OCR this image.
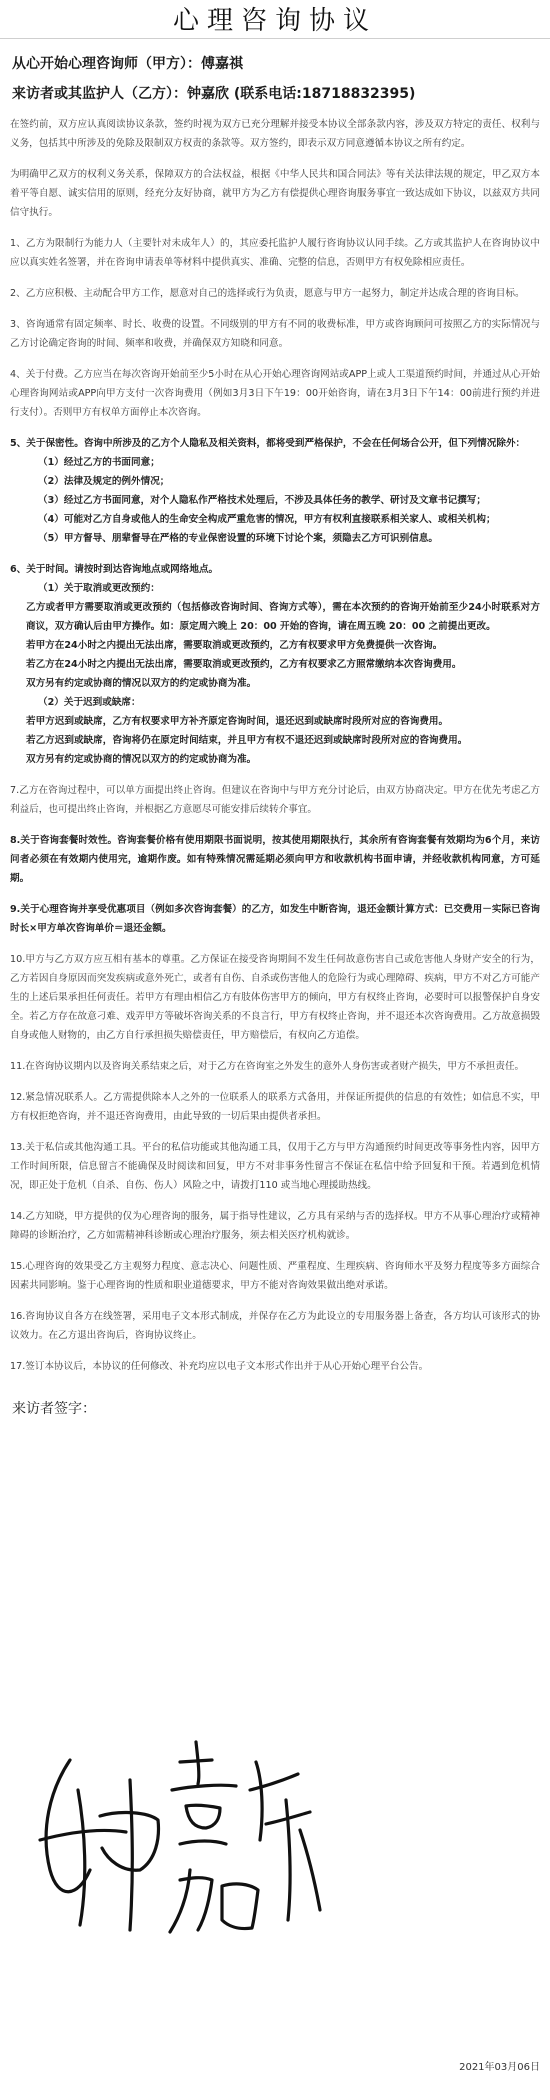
心理咨询协议
从心开始心理咨询师（甲方）：傅嘉祺
来访者或其监护人（乙方）：钟嘉欣 (联系电话:18718832395)

在签约前，双方应认真阅读协议条款，签约时视为双方已充分理解并接受本协议全部条款内容，涉及双方特定的责任、权利与义务，包括其中所涉及的免除及限制双方权责的条款等。双方签约，即表示双方同意遵循本协议之所有约定。

为明确甲乙双方的权利义务关系，保障双方的合法权益，根据《中华人民共和国合同法》等有关法律法规的规定，甲乙双方本着平等自愿、诚实信用的原则，经充分友好协商，就甲方为乙方有偿提供心理咨询服务事宜一致达成如下协议，以兹双方共同信守执行。

1、乙方为限制行为能力人（主要针对未成年人）的，其应委托监护人履行咨询协议认同手续。乙方或其监护人在咨询协议中应以真实姓名签署，并在咨询申请表单等材料中提供真实、准确、完整的信息，否则甲方有权免除相应责任。

2、乙方应积极、主动配合甲方工作，愿意对自己的选择或行为负责，愿意与甲方一起努力，制定并达成合理的咨询目标。

3、咨询通常有固定频率、时长、收费的设置。不同级别的甲方有不同的收费标准，甲方或咨询顾问可按照乙方的实际情况与乙方讨论确定咨询的时间、频率和收费，并确保双方知晓和同意。

4、关于付费。乙方应当在每次咨询开始前至少5小时在从心开始心理咨询网站或APP上或人工渠道预约时间，并通过从心开始心理咨询网站或APP向甲方支付一次咨询费用（例如3月3日下午19：00开始咨询，请在3月3日下午14：00前进行预约并进行支付）。否则甲方有权单方面停止本次咨询。

5、关于保密性。咨询中所涉及的乙方个人隐私及相关资料，都将受到严格保护，不会在任何场合公开，但下列情况除外：

（1）经过乙方的书面同意；

（2）法律及规定的例外情况；

（3）经过乙方书面同意，对个人隐私作严格技术处理后，不涉及具体任务的教学、研讨及文章书记撰写；

（4）可能对乙方自身或他人的生命安全构成严重危害的情况，甲方有权利直接联系相关家人、或相关机构；

（5）甲方督导、朋辈督导在严格的专业保密设置的环境下讨论个案，须隐去乙方可识别信息。

6、关于时间。请按时到达咨询地点或网络地点。

（1）关于取消或更改预约：

乙方或者甲方需要取消或更改预约（包括修改咨询时间、咨询方式等），需在本次预约的咨询开始前至少24小时联系对方商议，双方确认后由甲方操作。如：原定周六晚上 20：00 开始的咨询，请在周五晚 20：00 之前提出更改。

若甲方在24小时之内提出无法出席，需要取消或更改预约，乙方有权要求甲方免费提供一次咨询。

若乙方在24小时之内提出无法出席，需要取消或更改预约，乙方有权要求乙方照常缴纳本次咨询费用。

双方另有约定或协商的情况以双方的约定或协商为准。

（2）关于迟到或缺席：

若甲方迟到或缺席，乙方有权要求甲方补齐原定咨询时间，退还迟到或缺席时段所对应的咨询费用。

若乙方迟到或缺席，咨询将仍在原定时间结束，并且甲方有权不退还迟到或缺席时段所对应的咨询费用。

双方另有约定或协商的情况以双方的约定或协商为准。

7.乙方在咨询过程中，可以单方面提出终止咨询。但建议在咨询中与甲方充分讨论后，由双方协商决定。甲方在优先考虑乙方利益后，也可提出终止咨询，并根据乙方意愿尽可能安排后续转介事宜。

8.关于咨询套餐时效性。咨询套餐价格有使用期限书面说明，按其使用期限执行，其余所有咨询套餐有效期均为6个月，来访问者必须在有效期内使用完，逾期作废。如有特殊情况需延期必须向甲方和收款机构书面申请，并经收款机构同意，方可延期。

9.关于心理咨询并享受优惠项目（例如多次咨询套餐）的乙方，如发生中断咨询，退还金额计算方式：已交费用－实际已咨询时长×甲方单次咨询单价＝退还金额。

10.甲方与乙方双方应互相有基本的尊重。乙方保证在接受咨询期间不发生任何故意伤害自己或危害他人身财产安全的行为，乙方若因自身原因而突发疾病或意外死亡，或者有自伤、自杀或伤害他人的危险行为或心理障碍、疾病，甲方不对乙方可能产生的上述后果承担任何责任。若甲方有理由相信乙方有肢体伤害甲方的倾向，甲方有权终止咨询，必要时可以报警保护自身安全。若乙方存在故意刁难、戏弄甲方等破坏咨询关系的不良言行，甲方有权终止咨询，并不退还本次咨询费用。乙方故意损毁自身或他人财物的，由乙方自行承担损失赔偿责任，甲方赔偿后，有权向乙方追偿。

11.在咨询协议期内以及咨询关系结束之后，对于乙方在咨询室之外发生的意外人身伤害或者财产损失，甲方不承担责任。

12.紧急情况联系人。乙方需提供除本人之外的一位联系人的联系方式备用，并保证所提供的信息的有效性；如信息不实，甲方有权拒绝咨询，并不退还咨询费用，由此导致的一切后果由提供者承担。

13.关于私信或其他沟通工具。平台的私信功能或其他沟通工具，仅用于乙方与甲方沟通预约时间更改等事务性内容，因甲方工作时间所限，信息留言不能确保及时阅读和回复，甲方不对非事务性留言不保证在私信中给予回复和干预。若遇到危机情况，即正处于危机（自杀、自伤、伤人）风险之中，请拨打110 或当地心理援助热线。

14.乙方知晓，甲方提供的仅为心理咨询的服务，属于指导性建议，乙方具有采纳与否的选择权。甲方不从事心理治疗或精神障碍的诊断治疗，乙方如需精神科诊断或心理治疗服务，须去相关医疗机构就诊。

15.心理咨询的效果受乙方主观努力程度、意志决心、问题性质、严重程度、生理疾病、咨询师水平及努力程度等多方面综合因素共同影响。鉴于心理咨询的性质和职业道德要求，甲方不能对咨询效果做出绝对承诺。

16.咨询协议自各方在线签署，采用电子文本形式制成，并保存在乙方为此设立的专用服务器上备查，各方均认可该形式的协议效力。在乙方退出咨询后，咨询协议终止。

17.签订本协议后，本协议的任何修改、补充均应以电子文本形式作出并于从心开始心理平台公告。

来访者签字：
2021年03月06日
